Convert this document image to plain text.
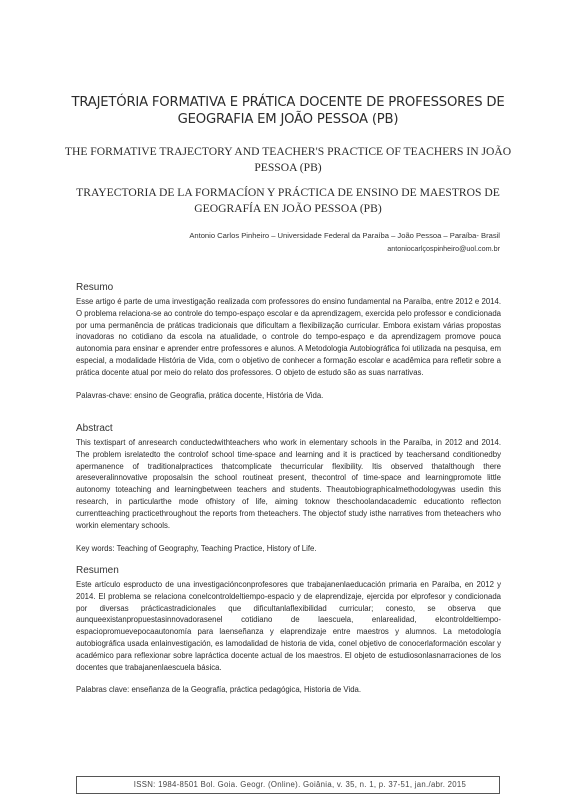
TRAJETÓRIA FORMATIVA E PRÁTICA DOCENTE DE PROFESSORES DE GEOGRAFIA EM JOÃO PESSOA (PB)
THE FORMATIVE TRAJECTORY AND TEACHER'S PRACTICE OF TEACHERS IN JOÃO PESSOA (PB)
TRAYECTORIA DE LA FORMACÍON Y PRÁCTICA DE ENSINO DE MAESTROS DE GEOGRAFÍA EN JOÃO PESSOA (PB)
Antonio Carlos Pinheiro – Universidade Federal da Paraíba – João Pessoa – Paraíba- Brasil
antoniocarlçospinheiro@uol.com.br
Resumo

Esse artigo é parte de uma investigação realizada com professores do ensino fundamental na Paraíba, entre 2012 e 2014. O problema relaciona-se ao controle do tempo-espaço escolar e da aprendizagem, exercida pelo professor e condicionada por uma permanência de práticas tradicionais que dificultam a flexibilização curricular. Embora existam várias propostas inovadoras no cotidiano da escola na atualidade, o controle do tempo-espaço e da aprendizagem promove pouca autonomia para ensinar e aprender entre professores e alunos. A Metodologia Autobiográfica foi utilizada na pesquisa, em especial, a modalidade História de Vida, com o objetivo de conhecer a formação escolar e acadêmica para refletir sobre a prática docente atual por meio do relato dos professores. O objeto de estudo são as suas narrativas.

Palavras-chave: ensino de Geografia, prática docente, História de Vida.
Abstract

This textispart of anresearch conductedwithteachers who work in elementary schools in the Paraíba, in 2012 and 2014. The problem isrelatedto the controlof school time-space and learning and it is practiced by teachersand conditionedby apermanence of traditionalpractices thatcomplicate thecurricular flexibility. Itis observed thatalthough there areseveralinnovative proposalsin the school routineat present, thecontrol of time-space and learningpromote little autonomy toteaching and learningbetween teachers and students. Theautobiographicalmethodologywas usedin this research, in particularthe mode ofhistory of life, aiming toknow theschoolandacademic educationto reflecton currentteaching practicethroughout the reports from theteachers. The objectof study isthe narratives from theteachers who workin elementary schools.

Key words: Teaching of Geography, Teaching Practice, History of Life.
Resumen

Este artículo esproducto de una investigaciónconprofesores que trabajanenlaeducación primaria en Paraíba, en 2012 y 2014. El problema se relaciona conelcontroldeltiempo-espacio y de elaprendizaje, ejercida por elprofesor y condicionada por diversas prácticastradicionales que dificultanlaflexibilidad curricular; conesto, se observa que aunqueexistanpropuestasinnovadorasenel cotidiano de laescuela, enlarealidad, elcontroldeltiempo-espaciopromuevepocaautonomía para laenseñanza y elaprendizaje entre maestros y alumnos. La metodología autobiográfica usada enlainvestigación, es lamodalidad de historia de vida, conel objetivo de conocerlaformación escolar y académico para reflexionar sobre lapráctica docente actual de los maestros. El objeto de estudiosonlasnarraciones de los docentes que trabajanenlaescuela básica.

Palabras clave: enseñanza de la Geografía, práctica pedagógica, Historia de Vida.
ISSN: 1984-8501 Bol. Goia. Geogr. (Online). Goiânia, v. 35, n. 1, p. 37-51, jan./abr. 2015
